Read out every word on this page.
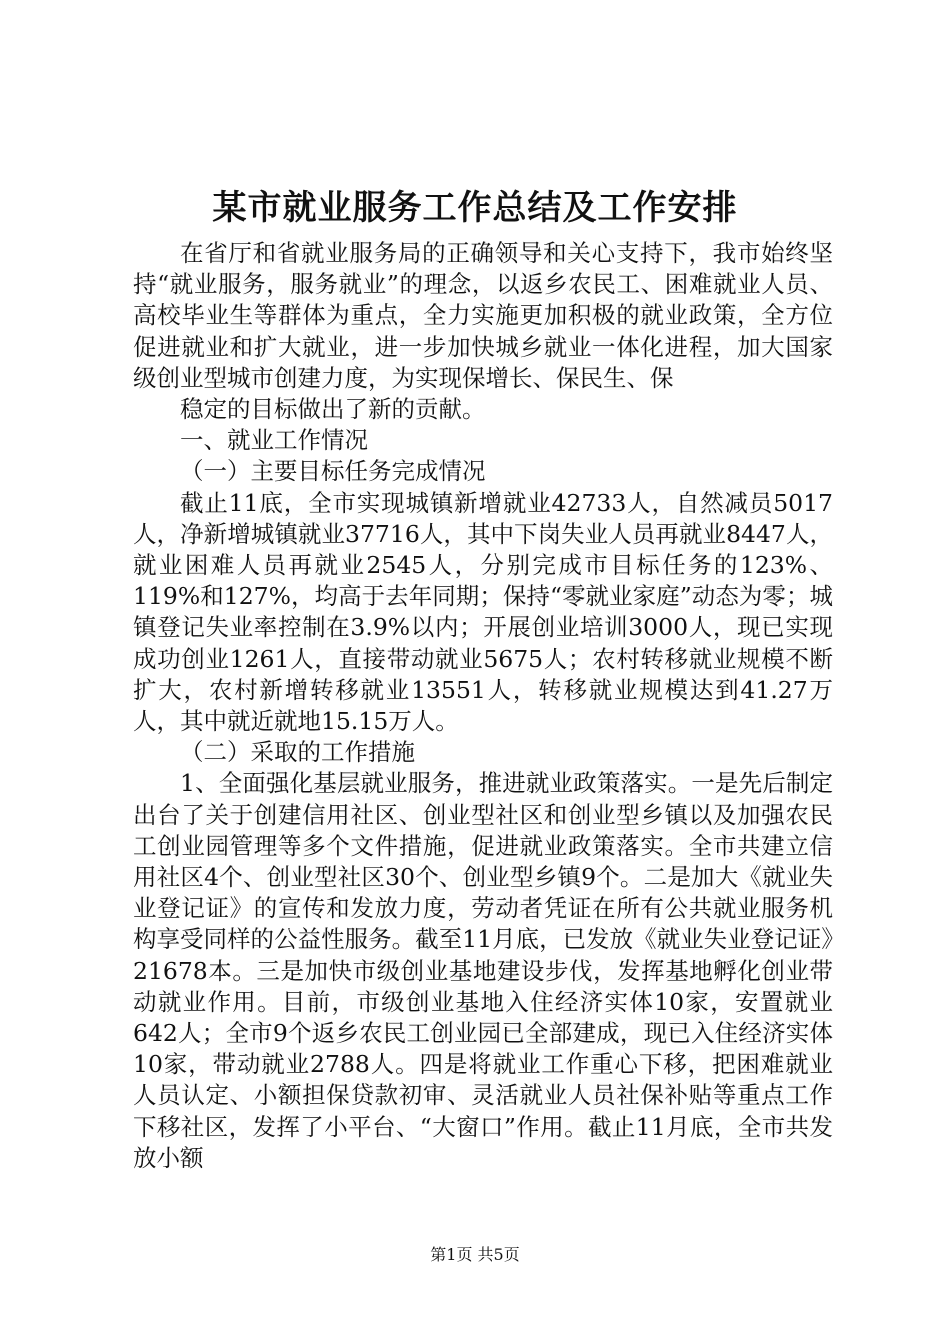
某市就业服务工作总结及工作安排

在省厅和省就业服务局的正确领导和关心支持下，我市始终坚持“就业服务，服务就业”的理念，以返乡农民工、困难就业人员、高校毕业生等群体为重点，全力实施更加积极的就业政策，全方位促进就业和扩大就业，进一步加快城乡就业一体化进程，加大国家级创业型城市创建力度，为实现保增长、保民生、保

稳定的目标做出了新的贡献。

一、就业工作情况

（一）主要目标任务完成情况

截止11底，全市实现城镇新增就业42733人，自然减员5017人，净新增城镇就业37716人，其中下岗失业人员再就业8447人，就业困难人员再就业2545人，分别完成市目标任务的123%、119%和127%，均高于去年同期；保持“零就业家庭”动态为零；城镇登记失业率控制在3.9%以内；开展创业培训3000人，现已实现成功创业1261人，直接带动就业5675人；农村转移就业规模不断扩大，农村新增转移就业13551人，转移就业规模达到41.27万人，其中就近就地15.15万人。

（二）采取的工作措施

1、全面强化基层就业服务，推进就业政策落实。一是先后制定出台了关于创建信用社区、创业型社区和创业型乡镇以及加强农民工创业园管理等多个文件措施，促进就业政策落实。全市共建立信用社区4个、创业型社区30个、创业型乡镇9个。二是加大《就业失业登记证》的宣传和发放力度，劳动者凭证在所有公共就业服务机构享受同样的公益性服务。截至11月底，已发放《就业失业登记证》21678本。三是加快市级创业基地建设步伐，发挥基地孵化创业带动就业作用。目前，市级创业基地入住经济实体10家，安置就业642人；全市9个返乡农民工创业园已全部建成，现已入住经济实体10家，带动就业2788人。四是将就业工作重心下移，把困难就业人员认定、小额担保贷款初审、灵活就业人员社保补贴等重点工作下移社区，发挥了小平台、“大窗口”作用。截止11月底，全市共发放小额

第1页 共5页
